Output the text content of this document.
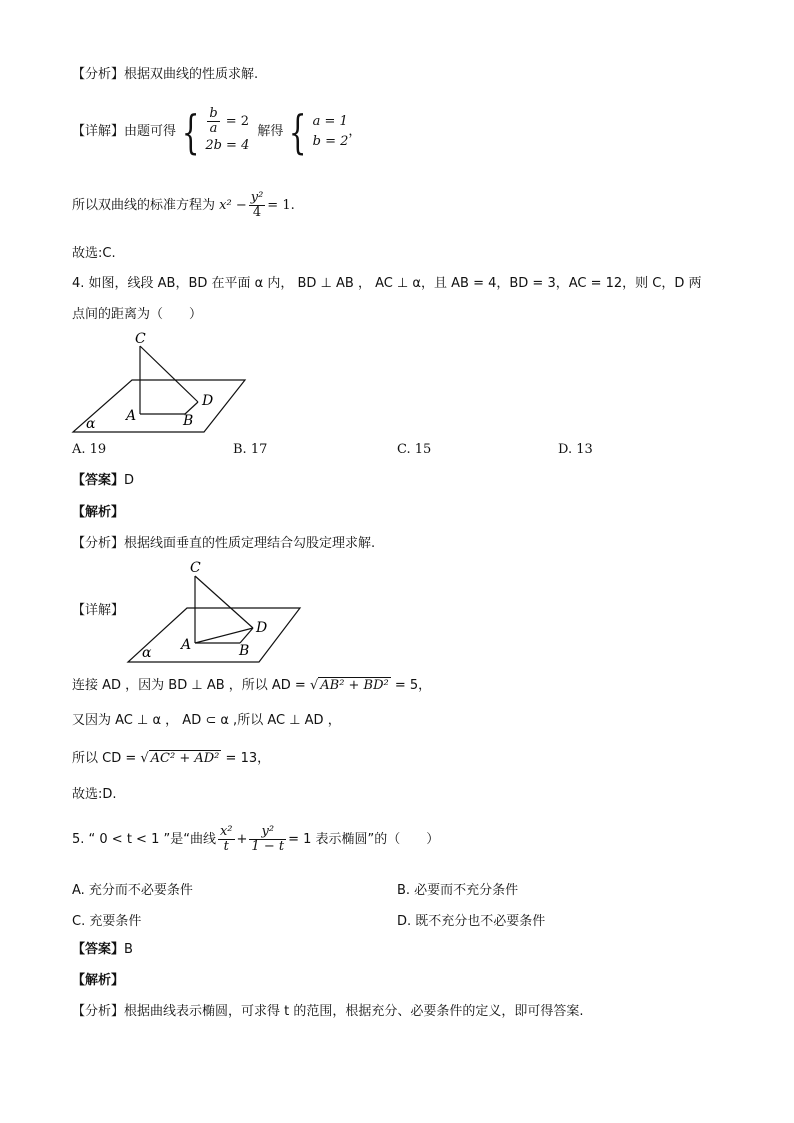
【分析】根据双曲线的性质求解.
【详解】由题可得 { $\frac{b}{a} = 2$
2b = 4
解得 { a = 1
b = 2
，
所以双曲线的标准方程为 $x^2 - \frac{\text{y²}}{4} = 1$.
故选:C.
4. 如图，线段 AB，BD 在平面 α 内， BD ⊥ AB ， AC ⊥ α，且 AB = 4，BD = 3，AC = 12，则 C，D 两
点间的距离为（　　）
C
A	B
D
α
A. 19	B. 17	C. 15	D. 13
【答案】D
【解析】
【分析】根据线面垂直的性质定理结合勾股定理求解.
【详解】
C
A	B
D
α
连接 AD ，因为 BD ⊥ AB ，所以 AD = √ AB² + BD² = 5，
又因为 AC ⊥ α ， AD ⊂ α ,所以 AC ⊥ AD ，
所以 CD = √ AC² + AD² = 13，
故选:D.
5. “ 0 < t < 1 ”是“曲线 $\frac{\text{x²}}{t} + \frac{\text{y²}}{1 - t} = 1$ 表示椭圆”的（　　）
A. 充分而不必要条件	B. 必要而不充分条件
C. 充要条件	D. 既不充分也不必要条件
【答案】B
【解析】
【分析】根据曲线表示椭圆，可求得 t 的范围，根据充分、必要条件的定义，即可得答案.
